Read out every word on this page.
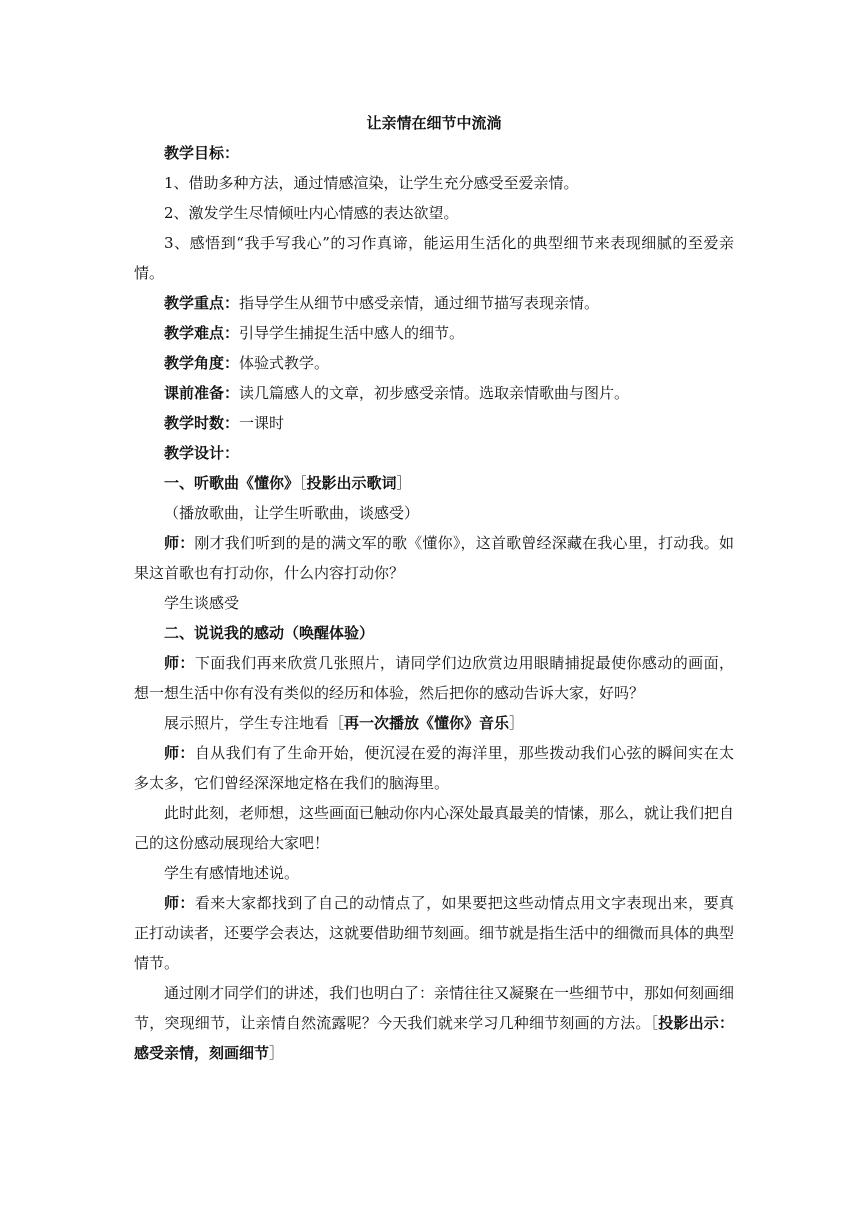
让亲情在细节中流淌

教学目标：

1、借助多种方法，通过情感渲染，让学生充分感受至爱亲情。

2、激发学生尽情倾吐内心情感的表达欲望。

3、感悟到“我手写我心”的习作真谛，能运用生活化的典型细节来表现细腻的至爱亲情。

教学重点：指导学生从细节中感受亲情，通过细节描写表现亲情。

教学难点：引导学生捕捉生活中感人的细节。

教学角度：体验式教学。

课前准备：读几篇感人的文章，初步感受亲情。选取亲情歌曲与图片。

教学时数：一课时

教学设计：

一、听歌曲《懂你》［投影出示歌词］

（播放歌曲，让学生听歌曲，谈感受）

师：刚才我们听到的是的满文军的歌《懂你》，这首歌曾经深藏在我心里，打动我。如果这首歌也有打动你，什么内容打动你？

学生谈感受

二、说说我的感动（唤醒体验）

师：下面我们再来欣赏几张照片，请同学们边欣赏边用眼睛捕捉最使你感动的画面，想一想生活中你有没有类似的经历和体验，然后把你的感动告诉大家，好吗？

展示照片，学生专注地看［再一次播放《懂你》音乐］

师：自从我们有了生命开始，便沉浸在爱的海洋里，那些拨动我们心弦的瞬间实在太多太多，它们曾经深深地定格在我们的脑海里。

此时此刻，老师想，这些画面已触动你内心深处最真最美的情愫，那么，就让我们把自己的这份感动展现给大家吧！

学生有感情地述说。

师：看来大家都找到了自己的动情点了，如果要把这些动情点用文字表现出来，要真正打动读者，还要学会表达，这就要借助细节刻画。细节就是指生活中的细微而具体的典型情节。

通过刚才同学们的讲述，我们也明白了：亲情往往又凝聚在一些细节中，那如何刻画细节，突现细节，让亲情自然流露呢？今天我们就来学习几种细节刻画的方法。［投影出示：感受亲情，刻画细节］
